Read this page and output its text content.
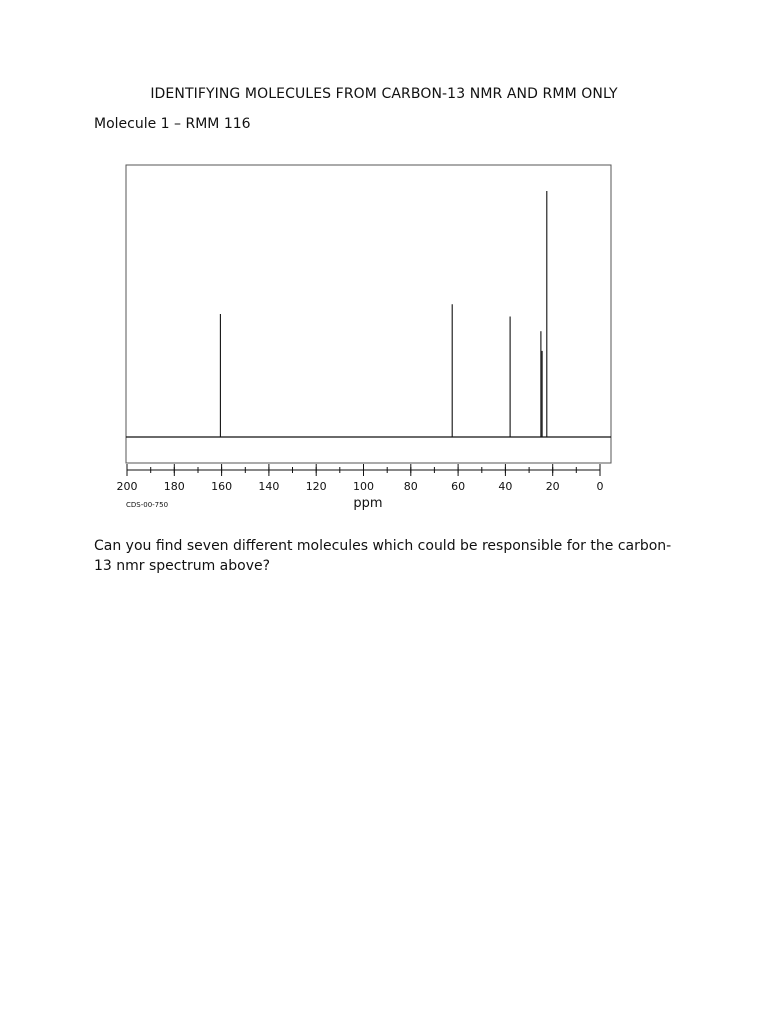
IDENTIFYING MOLECULES FROM CARBON-13 NMR AND RMM ONLY
Molecule 1 – RMM 116
200 180 160 140 120 100	80	60	40	20	0
ppm
CDS-00-750
Can you find seven different molecules which could be responsible for the carbon-13 nmr spectrum above?
